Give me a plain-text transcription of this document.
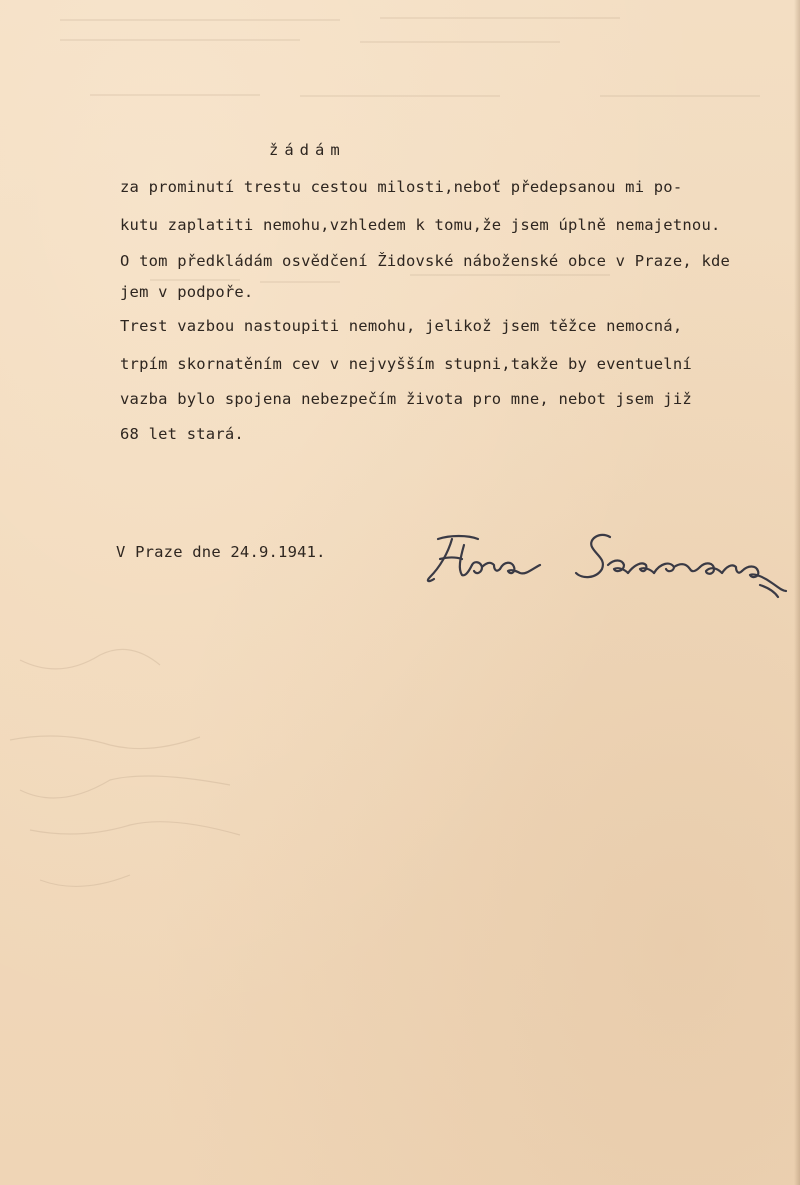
žádám
za prominutí trestu cestou milosti,neboť předepsanou mi po-
kutu zaplatiti nemohu,vzhledem k tomu,že jsem úplně nemajetnou.
O tom předkládám osvědčení Židovské náboženské obce v Praze, kde
jem v podpoře.
Trest vazbou nastoupiti nemohu, jelikož jsem těžce nemocná,
trpím skornatěním cev v nejvyšším stupni,takže by eventuelní
vazba bylo spojena nebezpečím života pro mne, nebot jsem již
68 let stará.
V Praze dne 24.9.1941.
